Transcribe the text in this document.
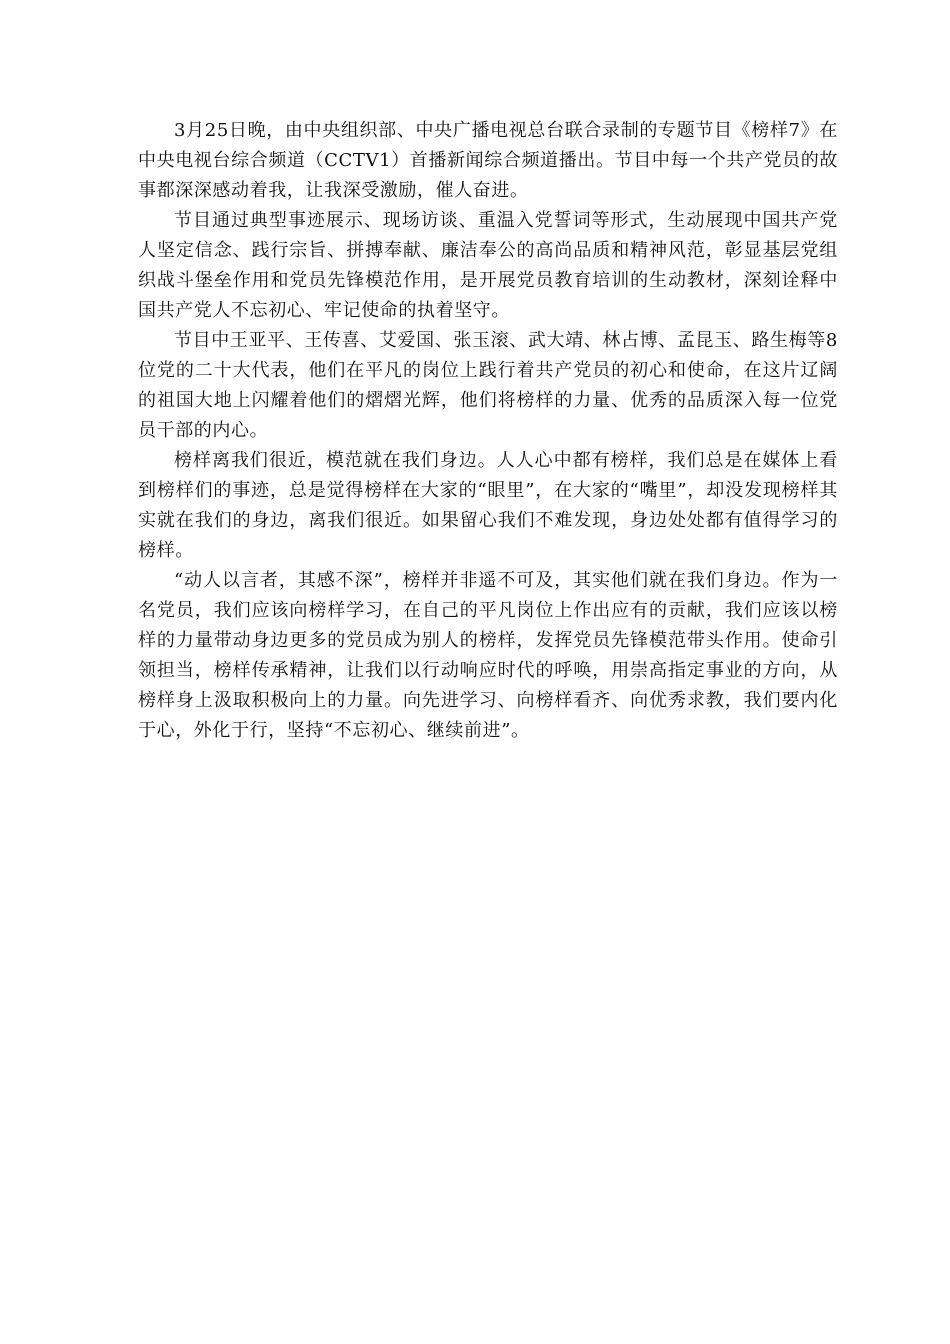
3月25日晚，由中央组织部、中央广播电视总台联合录制的专题节目《榜样7》在中央电视台综合频道（CCTV1）首播新闻综合频道播出。节目中每一个共产党员的故事都深深感动着我，让我深受激励，催人奋进。

节目通过典型事迹展示、现场访谈、重温入党誓词等形式，生动展现中国共产党人坚定信念、践行宗旨、拼搏奉献、廉洁奉公的高尚品质和精神风范，彰显基层党组织战斗堡垒作用和党员先锋模范作用，是开展党员教育培训的生动教材，深刻诠释中国共产党人不忘初心、牢记使命的执着坚守。

节目中王亚平、王传喜、艾爱国、张玉滚、武大靖、林占博、孟昆玉、路生梅等8位党的二十大代表，他们在平凡的岗位上践行着共产党员的初心和使命，在这片辽阔的祖国大地上闪耀着他们的熠熠光辉，他们将榜样的力量、优秀的品质深入每一位党员干部的内心。

榜样离我们很近，模范就在我们身边。人人心中都有榜样，我们总是在媒体上看到榜样们的事迹，总是觉得榜样在大家的“眼里”，在大家的“嘴里”，却没发现榜样其实就在我们的身边，离我们很近。如果留心我们不难发现，身边处处都有值得学习的榜样。

“动人以言者，其感不深”，榜样并非遥不可及，其实他们就在我们身边。作为一名党员，我们应该向榜样学习，在自己的平凡岗位上作出应有的贡献，我们应该以榜样的力量带动身边更多的党员成为别人的榜样，发挥党员先锋模范带头作用。使命引领担当，榜样传承精神，让我们以行动响应时代的呼唤，用崇高指定事业的方向，从榜样身上汲取积极向上的力量。向先进学习、向榜样看齐、向优秀求教，我们要内化于心，外化于行，坚持“不忘初心、继续前进”。
